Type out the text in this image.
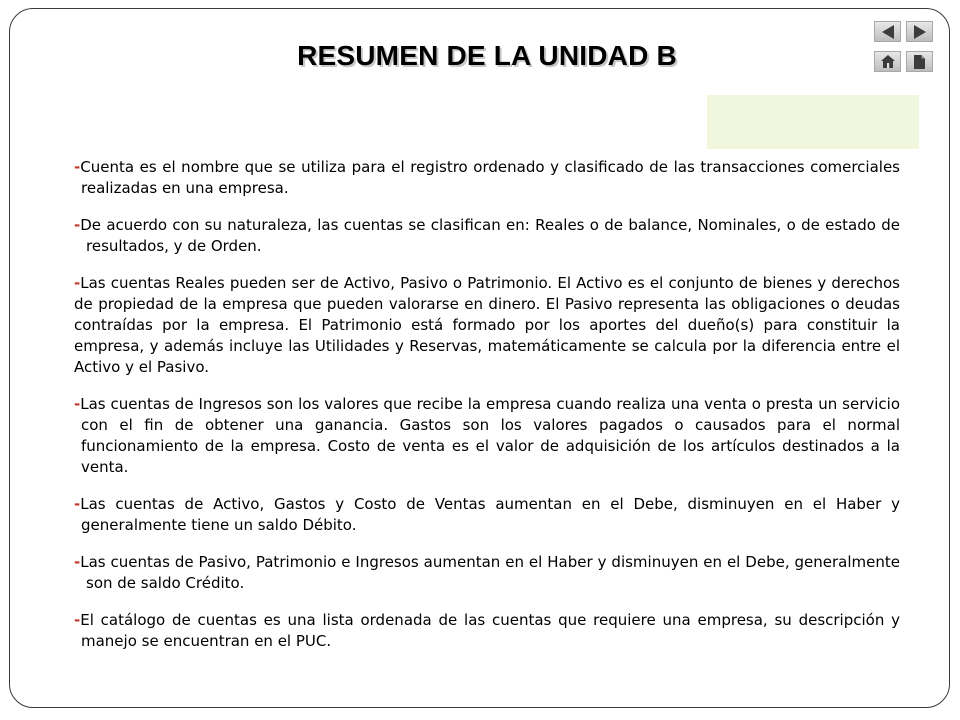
RESUMEN DE LA UNIDAD B

-Cuenta es el nombre que se utiliza para el registro ordenado y clasificado de las transacciones comerciales realizadas en una empresa.

-De acuerdo con su naturaleza, las cuentas se clasifican en: Reales o de balance, Nominales, o de estado de resultados, y de Orden.

-Las cuentas Reales pueden ser de Activo, Pasivo o Patrimonio. El Activo es el conjunto de bienes y derechos de propiedad de la empresa que pueden valorarse en dinero. El Pasivo representa las obligaciones o deudas contraídas por la empresa. El Patrimonio está formado por los aportes del dueño(s) para constituir la empresa, y además incluye las Utilidades y Reservas, matemáticamente se calcula por la diferencia entre el Activo y el Pasivo.

-Las cuentas de Ingresos son los valores que recibe la empresa cuando realiza una venta o presta un servicio con el fin de obtener una ganancia. Gastos son los valores pagados o causados para el normal funcionamiento de la empresa. Costo de venta es el valor de adquisición de los artículos destinados a la venta.

-Las cuentas de Activo, Gastos y Costo de Ventas aumentan en el Debe, disminuyen en el Haber y generalmente tiene un saldo Débito.

-Las cuentas de Pasivo, Patrimonio e Ingresos aumentan en el Haber y disminuyen en el Debe, generalmente son de saldo Crédito.

-El catálogo de cuentas es una lista ordenada de las cuentas que requiere una empresa, su descripción y manejo se encuentran en el PUC.
